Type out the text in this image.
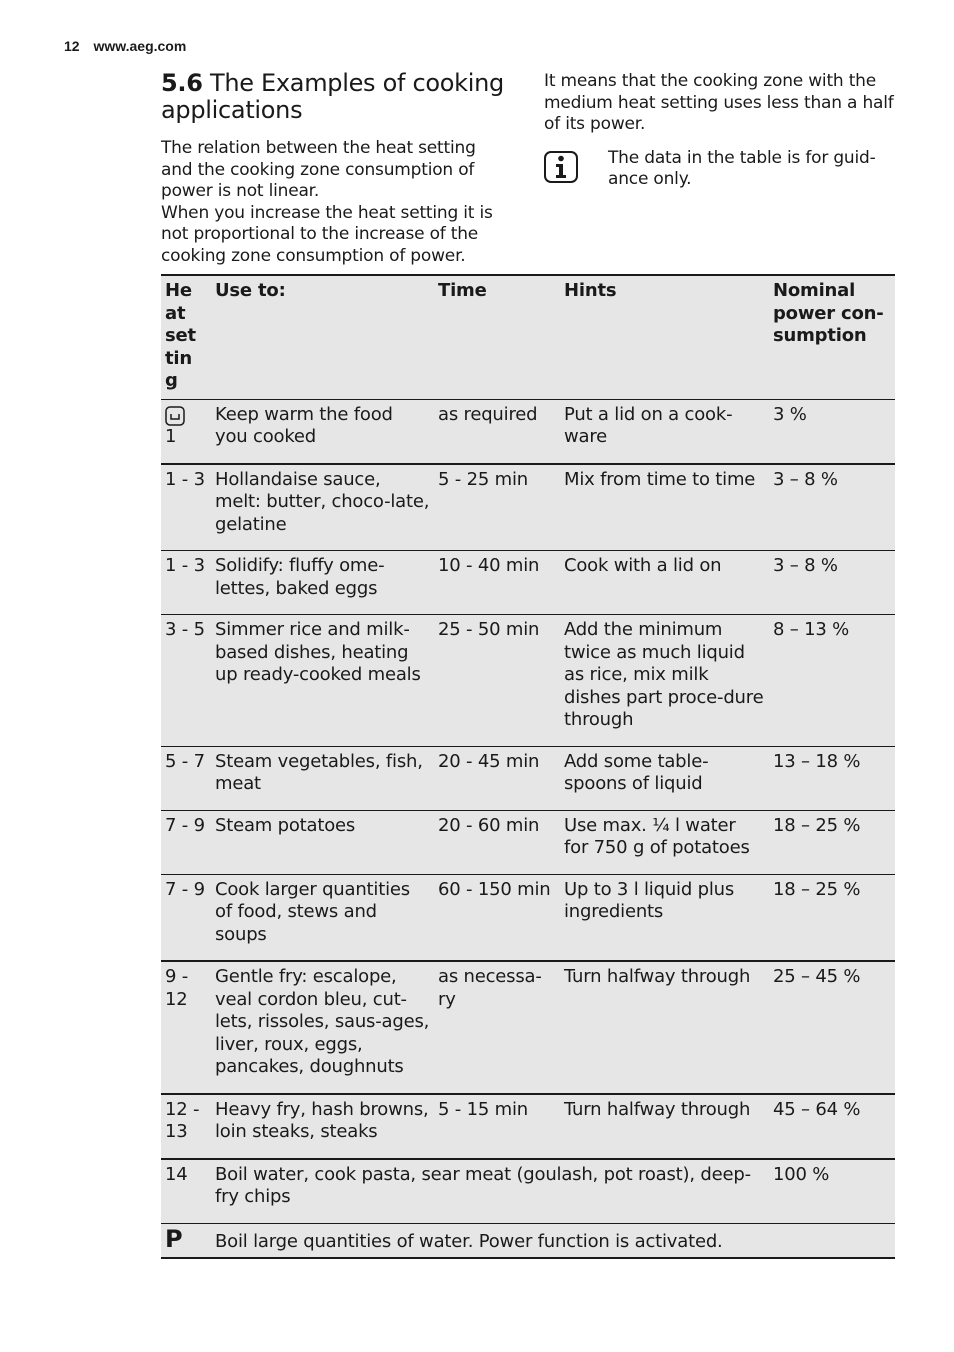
12 www.aeg.com
5.6 The Examples of cooking applications

The relation between the heat setting and the cooking zone consumption of power is not linear.

When you increase the heat setting it is not proportional to the increase of the cooking zone consumption of power.

It means that the cooking zone with the medium heat setting uses less than a half of its power.

The data in the table is for guid-ance only.
Heat setting	Use to:	Time	Hints	Nominal power con-sumption

1	Keep warm the food you cooked	as required	Put a lid on a cook-ware	3 %
1 - 3	Hollandaise sauce, melt: butter, choco-late, gelatine	5 - 25 min	Mix from time to time	3 – 8 %
1 - 3	Solidify: fluffy ome-lettes, baked eggs	10 - 40 min	Cook with a lid on	3 – 8 %
3 - 5	Simmer rice and milk-based dishes, heating up ready-cooked meals	25 - 50 min	Add the minimum twice as much liquid as rice, mix milk dishes part proce-dure through	8 – 13 %
5 - 7	Steam vegetables, fish, meat	20 - 45 min	Add some table-spoons of liquid	13 – 18 %
7 - 9	Steam potatoes	20 - 60 min	Use max. ¼ l water for 750 g of potatoes	18 – 25 %
7 - 9	Cook larger quantities of food, stews and soups	60 - 150 min	Up to 3 l liquid plus ingredients	18 – 25 %
9 - 12	Gentle fry: escalope, veal cordon bleu, cut-lets, rissoles, saus-ages, liver, roux, eggs, pancakes, doughnuts	as necessa-ry	Turn halfway through	25 – 45 %
12 - 13	Heavy fry, hash browns, loin steaks, steaks	5 - 15 min	Turn halfway through	45 – 64 %
14	Boil water, cook pasta, sear meat (goulash, pot roast), deep-fry chips			100 %
P	Boil large quantities of water. Power function is activated.			
